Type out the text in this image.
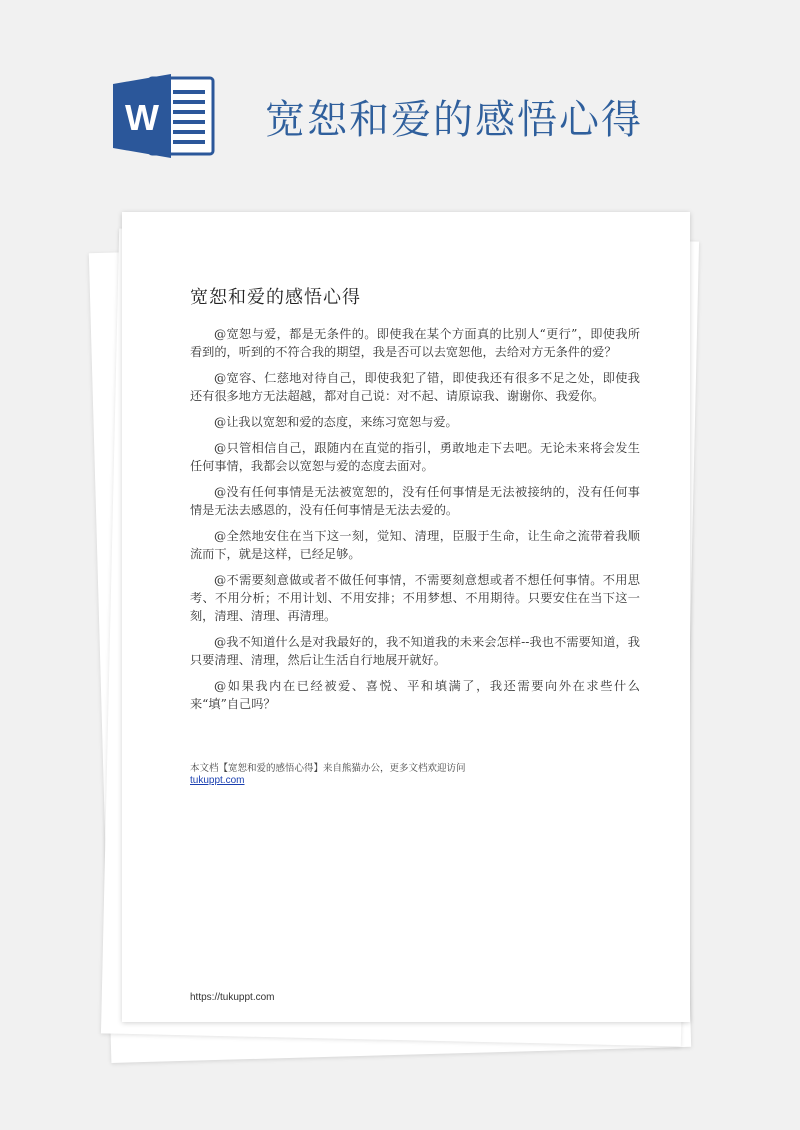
W	宽恕和爱的感悟心得
宽恕和爱的感悟心得

@宽恕与爱，都是无条件的。即使我在某个方面真的比别人“更行”，即使我所看到的，听到的不符合我的期望，我是否可以去宽恕他，去给对方无条件的爱？

@宽容、仁慈地对待自己，即使我犯了错，即使我还有很多不足之处，即使我还有很多地方无法超越，都对自己说：对不起、请原谅我、谢谢你、我爱你。

@让我以宽恕和爱的态度，来练习宽恕与爱。

@只管相信自己，跟随内在直觉的指引，勇敢地走下去吧。无论未来将会发生任何事情，我都会以宽恕与爱的态度去面对。

@没有任何事情是无法被宽恕的，没有任何事情是无法被接纳的，没有任何事情是无法去感恩的，没有任何事情是无法去爱的。

@全然地安住在当下这一刻，觉知、清理，臣服于生命，让生命之流带着我顺流而下，就是这样，已经足够。

@不需要刻意做或者不做任何事情，不需要刻意想或者不想任何事情。不用思考、不用分析；不用计划、不用安排；不用梦想、不用期待。只要安住在当下这一刻，清理、清理、再清理。

@我不知道什么是对我最好的，我不知道我的未来会怎样--我也不需要知道，我只要清理、清理，然后让生活自行地展开就好。

@如果我内在已经被爱、喜悦、平和填满了，我还需要向外在求些什么来“填”自己吗？

本文档【宽恕和爱的感悟心得】来自熊猫办公，更多文档欢迎访问
tukuppt.com
https://tukuppt.com
